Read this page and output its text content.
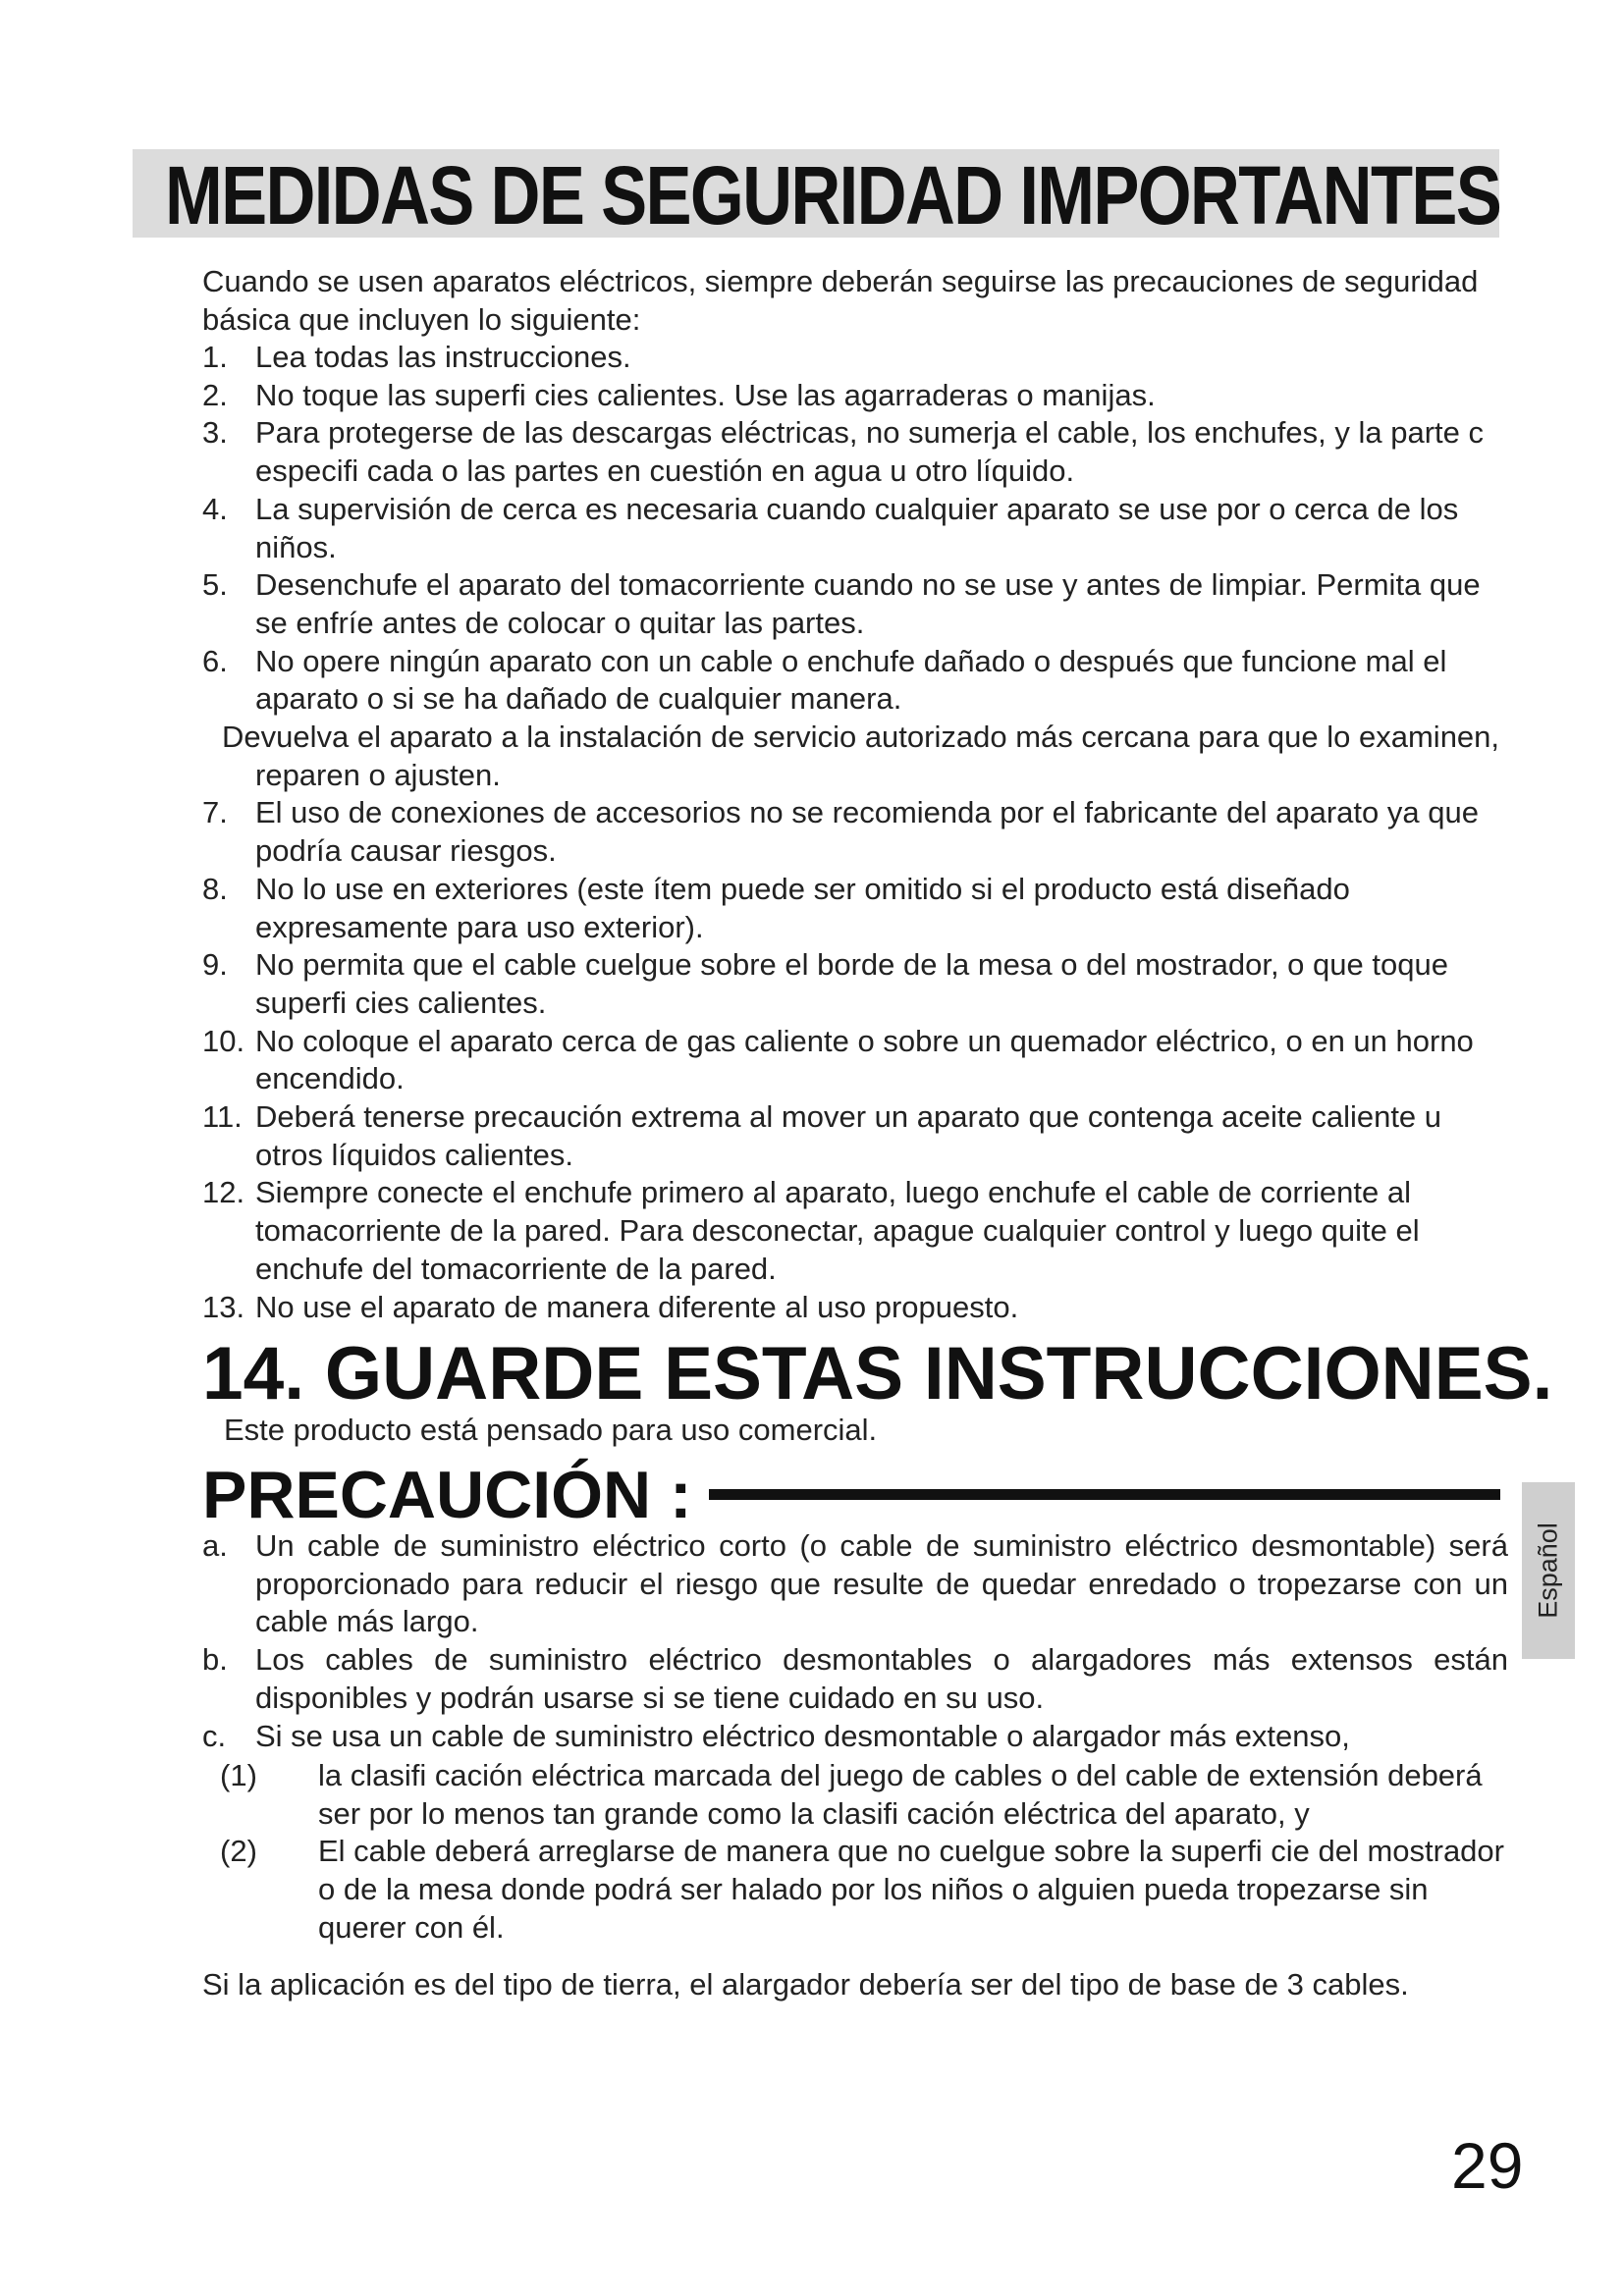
MEDIDAS DE SEGURIDAD IMPORTANTES

Cuando se usen aparatos eléctricos, siempre deberán seguirse las precauciones de seguridad básica que incluyen lo siguiente:

1. Lea todas las instrucciones.
2. No toque las superfi cies calientes. Use las agarraderas o manijas.
3. Para protegerse de las descargas eléctricas, no sumerja el cable, los enchufes, y la parte c especifi cada o las partes en cuestión en agua u otro líquido.
4. La supervisión de cerca es necesaria cuando cualquier aparato se use por o cerca de los niños.
5. Desenchufe el aparato del tomacorriente cuando no se use y antes de limpiar. Permita que se enfríe antes de colocar o quitar las partes.
6. No opere ningún aparato con un cable o enchufe dañado o después que funcione mal el aparato o si se ha dañado de cualquier manera.
Devuelva el aparato a la instalación de servicio autorizado más cercana para que lo examinen, reparen o ajusten.
7. El uso de conexiones de accesorios no se recomienda por el fabricante del aparato ya que podría causar riesgos.
8. No lo use en exteriores (este ítem puede ser omitido si el producto está diseñado expresamente para uso exterior).
9. No permita que el cable cuelgue sobre el borde de la mesa o del mostrador, o que toque superfi cies calientes.
10. No coloque el aparato cerca de gas caliente o sobre un quemador eléctrico, o en un horno encendido.
11. Deberá tenerse precaución extrema al mover un aparato que contenga aceite caliente u otros líquidos calientes.
12. Siempre conecte el enchufe primero al aparato, luego enchufe el cable de corriente al tomacorriente de la pared. Para desconectar, apague cualquier control y luego quite el enchufe del tomacorriente de la pared.
13. No use el aparato de manera diferente al uso propuesto.
14. GUARDE ESTAS INSTRUCCIONES.
Este producto está pensado para uso comercial.
PRECAUCIÓN :
a. Un cable de suministro eléctrico corto (o cable de suministro eléctrico desmontable) será proporcionado para reducir el riesgo que resulte de quedar enredado o tropezarse con un cable más largo.
b. Los cables de suministro eléctrico desmontables o alargadores más extensos están disponibles y podrán usarse si se tiene cuidado en su uso.
c. Si se usa un cable de suministro eléctrico desmontable o alargador más extenso,
(1) la clasifi cación eléctrica marcada del juego de cables o del cable de extensión deberá ser por lo menos tan grande como la clasifi cación eléctrica del aparato, y
(2) El cable deberá arreglarse de manera que no cuelgue sobre la superfi cie del mostrador o de la mesa donde podrá ser halado por los niños o alguien pueda tropezarse sin querer con él.

Si la aplicación es del tipo de tierra, el alargador debería ser del tipo de base de 3 cables.

Español
29
